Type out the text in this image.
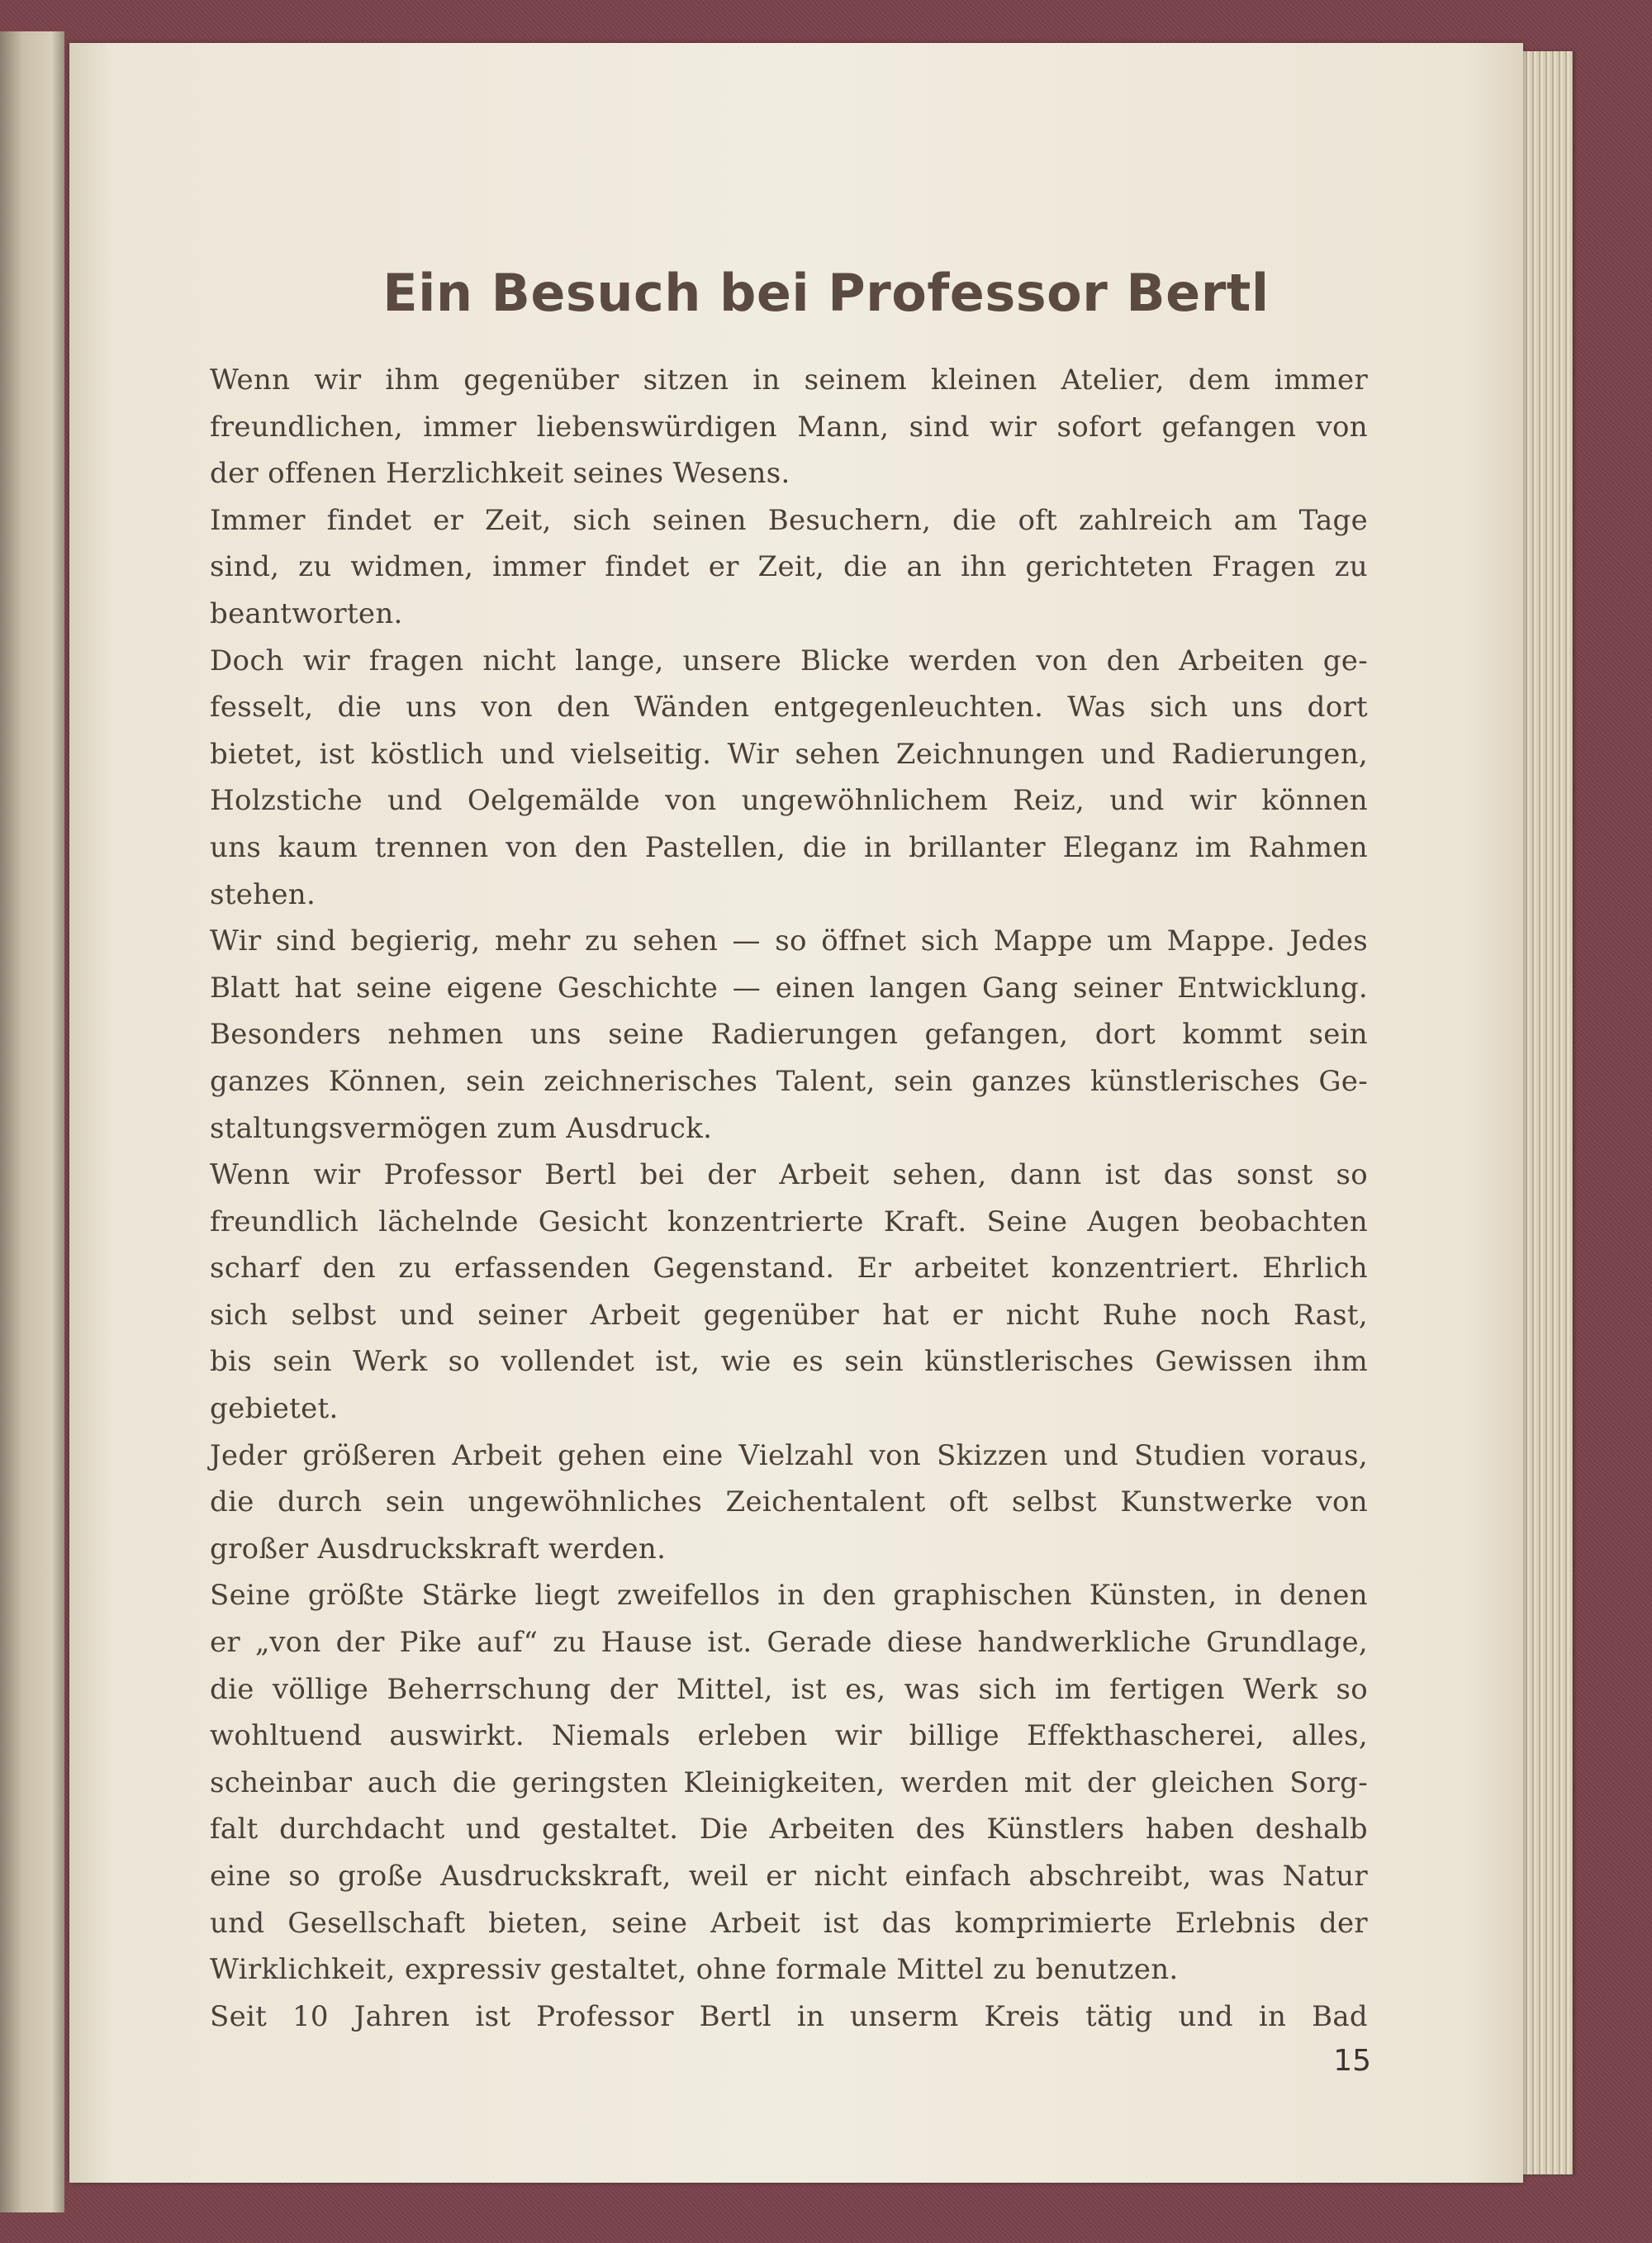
Ein Besuch bei Professor Bertl
Wenn wir ihm gegenüber sitzen in seinem kleinen Atelier, dem immer
freundlichen, immer liebenswürdigen Mann, sind wir sofort gefangen von
der offenen Herzlichkeit seines Wesens.
Immer findet er Zeit, sich seinen Besuchern, die oft zahlreich am Tage
sind, zu widmen, immer findet er Zeit, die an ihn gerichteten Fragen zu
beantworten.
Doch wir fragen nicht lange, unsere Blicke werden von den Arbeiten ge-
fesselt, die uns von den Wänden entgegenleuchten. Was sich uns dort
bietet, ist köstlich und vielseitig. Wir sehen Zeichnungen und Radierungen,
Holzstiche und Oelgemälde von ungewöhnlichem Reiz, und wir können
uns kaum trennen von den Pastellen, die in brillanter Eleganz im Rahmen
stehen.
Wir sind begierig, mehr zu sehen — so öffnet sich Mappe um Mappe. Jedes
Blatt hat seine eigene Geschichte — einen langen Gang seiner Entwicklung.
Besonders nehmen uns seine Radierungen gefangen, dort kommt sein
ganzes Können, sein zeichnerisches Talent, sein ganzes künstlerisches Ge-
staltungsvermögen zum Ausdruck.
Wenn wir Professor Bertl bei der Arbeit sehen, dann ist das sonst so
freundlich lächelnde Gesicht konzentrierte Kraft. Seine Augen beobachten
scharf den zu erfassenden Gegenstand. Er arbeitet konzentriert. Ehrlich
sich selbst und seiner Arbeit gegenüber hat er nicht Ruhe noch Rast,
bis sein Werk so vollendet ist, wie es sein künstlerisches Gewissen ihm
gebietet.
Jeder größeren Arbeit gehen eine Vielzahl von Skizzen und Studien voraus,
die durch sein ungewöhnliches Zeichentalent oft selbst Kunstwerke von
großer Ausdruckskraft werden.
Seine größte Stärke liegt zweifellos in den graphischen Künsten, in denen
er „von der Pike auf“ zu Hause ist. Gerade diese handwerkliche Grundlage,
die völlige Beherrschung der Mittel, ist es, was sich im fertigen Werk so
wohltuend auswirkt. Niemals erleben wir billige Effekthascherei, alles,
scheinbar auch die geringsten Kleinigkeiten, werden mit der gleichen Sorg-
falt durchdacht und gestaltet. Die Arbeiten des Künstlers haben deshalb
eine so große Ausdruckskraft, weil er nicht einfach abschreibt, was Natur
und Gesellschaft bieten, seine Arbeit ist das komprimierte Erlebnis der
Wirklichkeit, expressiv gestaltet, ohne formale Mittel zu benutzen.
Seit 10 Jahren ist Professor Bertl in unserm Kreis tätig und in Bad
15
